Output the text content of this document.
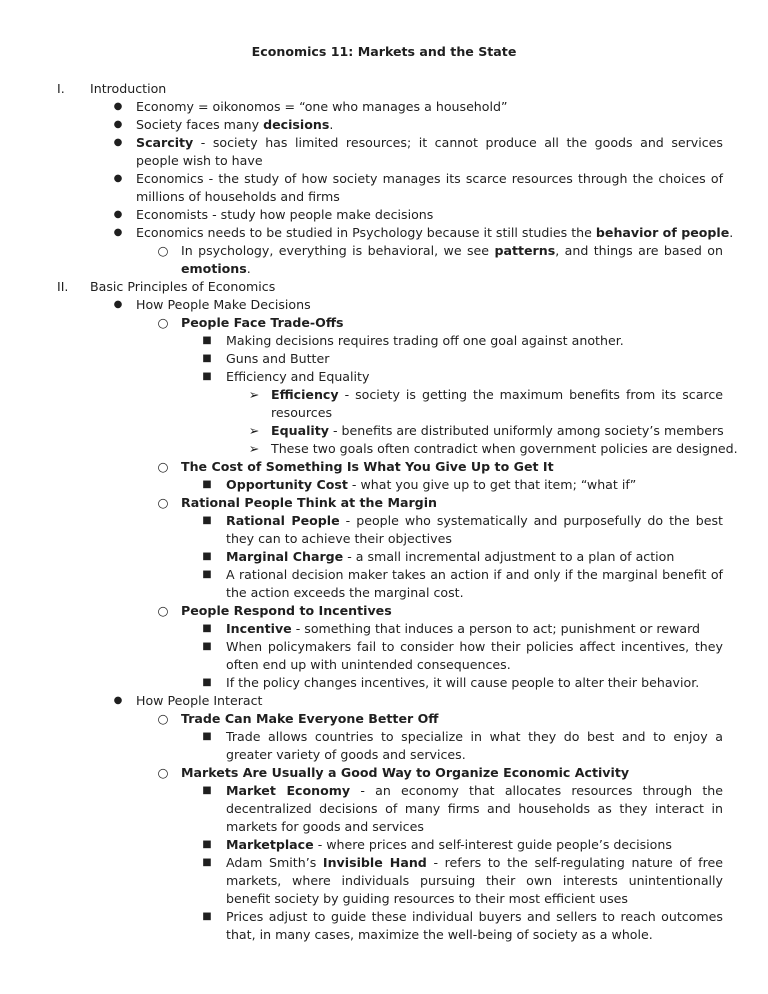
Economics 11: Markets and the State
I. Introduction
● Economy = oikonomos = “one who manages a household”
● Society faces many decisions.
● Scarcity - society has limited resources; it cannot produce all the goods and services people wish to have
● Economics - the study of how society manages its scarce resources through the choices of millions of households and firms
● Economists - study how people make decisions
● Economics needs to be studied in Psychology because it still studies the behavior of people.
○ In psychology, everything is behavioral, we see patterns, and things are based on emotions.
II. Basic Principles of Economics
● How People Make Decisions
○ People Face Trade-Offs
■ Making decisions requires trading off one goal against another.
■ Guns and Butter
■ Efficiency and Equality
➢ Efficiency - society is getting the maximum benefits from its scarce resources
➢ Equality - benefits are distributed uniformly among society’s members
➢ These two goals often contradict when government policies are designed.
○ The Cost of Something Is What You Give Up to Get It
■ Opportunity Cost - what you give up to get that item; “what if”
○ Rational People Think at the Margin
■ Rational People - people who systematically and purposefully do the best they can to achieve their objectives
■ Marginal Charge - a small incremental adjustment to a plan of action
■ A rational decision maker takes an action if and only if the marginal benefit of the action exceeds the marginal cost.
○ People Respond to Incentives
■ Incentive - something that induces a person to act; punishment or reward
■ When policymakers fail to consider how their policies affect incentives, they often end up with unintended consequences.
■ If the policy changes incentives, it will cause people to alter their behavior.
● How People Interact
○ Trade Can Make Everyone Better Off
■ Trade allows countries to specialize in what they do best and to enjoy a greater variety of goods and services.
○ Markets Are Usually a Good Way to Organize Economic Activity
■ Market Economy - an economy that allocates resources through the decentralized decisions of many firms and households as they interact in markets for goods and services
■ Marketplace - where prices and self-interest guide people’s decisions
■ Adam Smith’s Invisible Hand - refers to the self-regulating nature of free markets, where individuals pursuing their own interests unintentionally benefit society by guiding resources to their most efficient uses
■ Prices adjust to guide these individual buyers and sellers to reach outcomes that, in many cases, maximize the well-being of society as a whole.
